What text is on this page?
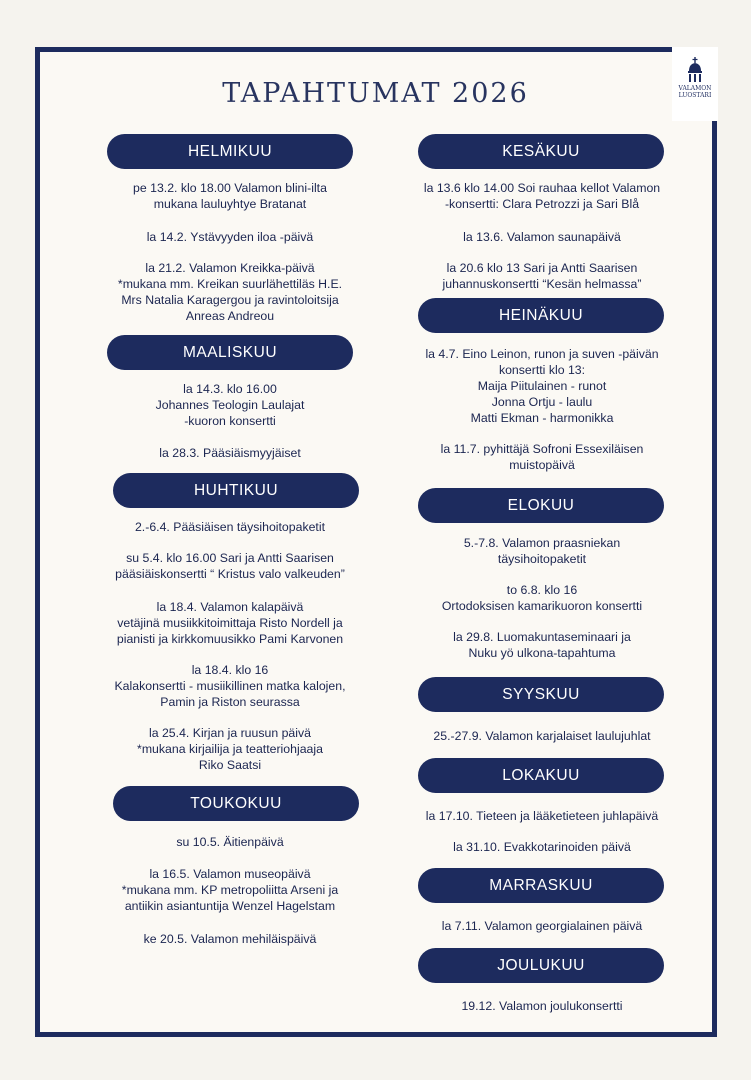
TAPAHTUMAT 2026	VALAMON
LUOSTARI
HELMIKUU
pe 13.2. klo 18.00 Valamon blini-ilta
mukana lauluyhtye Bratanat
la 14.2. Ystävyyden iloa -päivä
la 21.2. Valamon Kreikka-päivä
*mukana mm. Kreikan suurlähettiläs H.E.
Mrs Natalia Karagergou ja ravintoloitsija
Anreas Andreou
MAALISKUU
la 14.3. klo 16.00
Johannes Teologin Laulajat
-kuoron konsertti
la 28.3. Pääsiäismyyjäiset
HUHTIKUU
2.-6.4. Pääsiäisen täysihoitopaketit
su 5.4. klo 16.00 Sari ja Antti Saarisen
pääsiäiskonsertti “ Kristus valo valkeuden”
la 18.4. Valamon kalapäivä
vetäjinä musiikkitoimittaja Risto Nordell ja
pianisti ja kirkkomuusikko Pami Karvonen
la 18.4. klo 16
Kalakonsertti - musiikillinen matka kalojen,
Pamin ja Riston seurassa
la 25.4. Kirjan ja ruusun päivä
*mukana kirjailija ja teatteriohjaaja
Riko Saatsi
TOUKOKUU
su 10.5. Äitienpäivä
la 16.5. Valamon museopäivä
*mukana mm. KP metropoliitta Arseni ja
antiikin asiantuntija Wenzel Hagelstam
ke 20.5. Valamon mehiläispäivä
KESÄKUU
la 13.6 klo 14.00 Soi rauhaa kellot Valamon
-konsertti: Clara Petrozzi ja Sari Blå
la 13.6. Valamon saunapäivä
la 20.6 klo 13 Sari ja Antti Saarisen
juhannuskonsertti “Kesän helmassa”
HEINÄKUU
la 4.7. Eino Leinon, runon ja suven -päivän
konsertti klo 13:
Maija Piitulainen - runot
Jonna Ortju - laulu
Matti Ekman - harmonikka
la 11.7. pyhittäjä Sofroni Essexiläisen
muistopäivä
ELOKUU
5.-7.8. Valamon praasniekan
täysihoitopaketit
to 6.8. klo 16
Ortodoksisen kamarikuoron konsertti
la 29.8. Luomakuntaseminaari ja
Nuku yö ulkona-tapahtuma
SYYSKUU
25.-27.9. Valamon karjalaiset laulujuhlat
LOKAKUU
la 17.10. Tieteen ja lääketieteen juhlapäivä
la 31.10. Evakkotarinoiden päivä
MARRASKUU
la 7.11. Valamon georgialainen päivä
JOULUKUU
19.12. Valamon joulukonsertti
